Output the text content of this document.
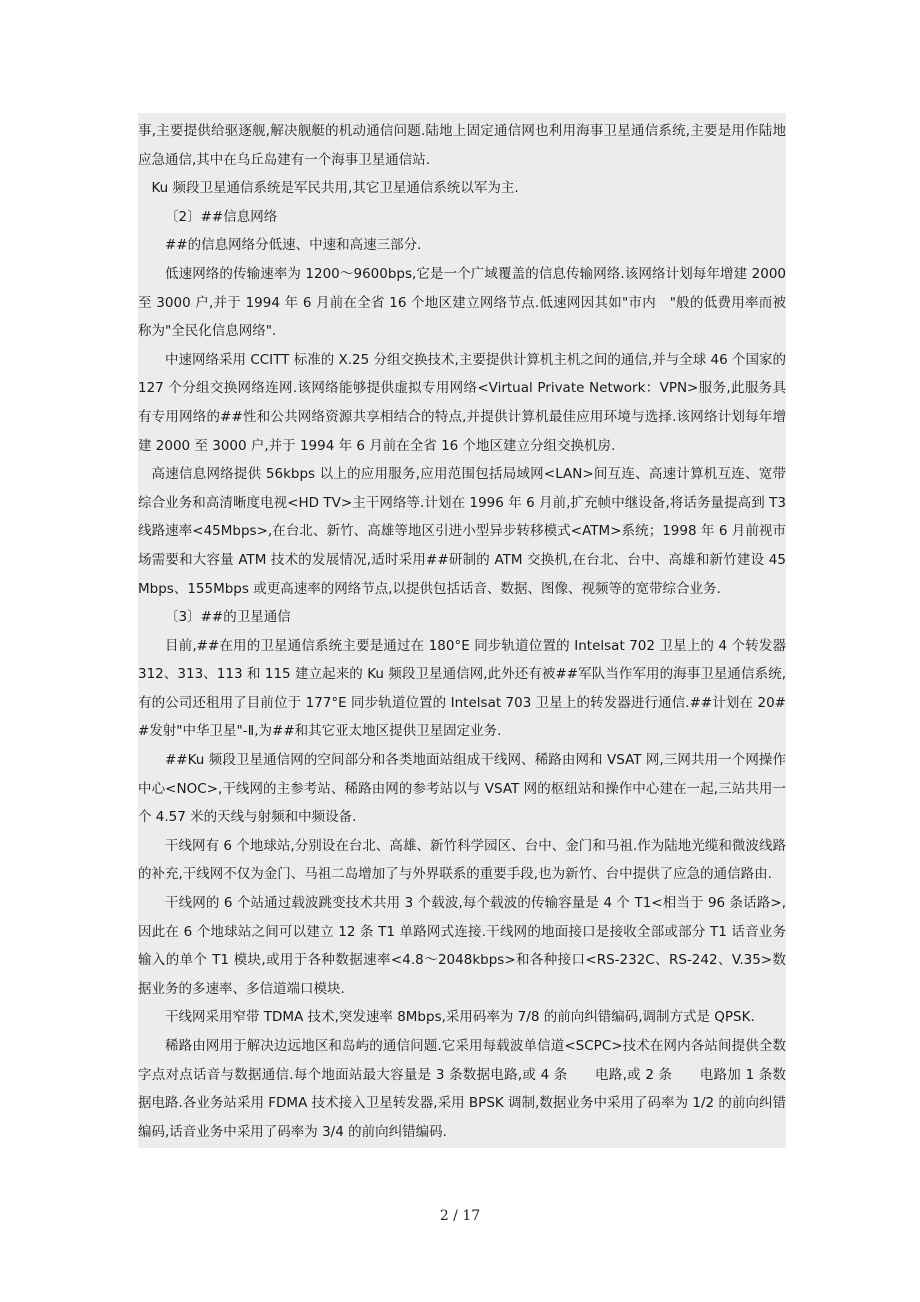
事,主要提供给驱逐舰,解决舰艇的机动通信问题.陆地上固定通信网也利用海事卫星通信系统,主要是用作陆地应急通信,其中在乌丘岛建有一个海事卫星通信站.

Ku 频段卫星通信系统是军民共用,其它卫星通信系统以军为主.

〔2〕##信息网络

##的信息网络分低速、中速和高速三部分.

低速网络的传输速率为 1200～9600bps,它是一个广域覆盖的信息传输网络.该网络计划每年增建 2000 至 3000 户,并于 1994 年 6 月前在全省 16 个地区建立网络节点.低速网因其如"市内　"般的低费用率而被称为"全民化信息网络".

中速网络采用 CCITT 标准的 X.25 分组交换技术,主要提供计算机主机之间的通信,并与全球 46 个国家的 127 个分组交换网络连网.该网络能够提供虚拟专用网络<Virtual Private Network：VPN>服务,此服务具有专用网络的##性和公共网络资源共享相结合的特点,并提供计算机最佳应用环境与选择.该网络计划每年增建 2000 至 3000 户,并于 1994 年 6 月前在全省 16 个地区建立分组交换机房.

高速信息网络提供 56kbps 以上的应用服务,应用范围包括局域网<LAN>间互连、高速计算机互连、宽带综合业务和高清晰度电视<HD TV>主干网络等.计划在 1996 年 6 月前,扩充帧中继设备,将话务量提高到 T3 线路速率<45Mbps>,在台北、新竹、高雄等地区引进小型异步转移模式<ATM>系统；1998 年 6 月前视市场需要和大容量 ATM 技术的发展情况,适时采用##研制的 ATM 交换机,在台北、台中、高雄和新竹建设 45Mbps、155Mbps 或更高速率的网络节点,以提供包括话音、数据、图像、视频等的宽带综合业务.

〔3〕##的卫星通信

目前,##在用的卫星通信系统主要是通过在 180°E 同步轨道位置的 Intelsat 702 卫星上的 4 个转发器 312、313、113 和 115 建立起来的 Ku 频段卫星通信网,此外还有被##军队当作军用的海事卫星通信系统,有的公司还租用了目前位于 177°E 同步轨道位置的 Intelsat 703 卫星上的转发器进行通信.##计划在 20##发射"中华卫星"-Ⅱ,为##和其它亚太地区提供卫星固定业务.

##Ku 频段卫星通信网的空间部分和各类地面站组成干线网、稀路由网和 VSAT 网,三网共用一个网操作中心<NOC>,干线网的主参考站、稀路由网的参考站以与 VSAT 网的枢纽站和操作中心建在一起,三站共用一个 4.57 米的天线与射频和中频设备.

干线网有 6 个地球站,分别设在台北、高雄、新竹科学园区、台中、金门和马祖.作为陆地光缆和微波线路的补充,干线网不仅为金门、马祖二岛增加了与外界联系的重要手段,也为新竹、台中提供了应急的通信路由.

干线网的 6 个站通过载波跳变技术共用 3 个载波,每个载波的传输容量是 4 个 T1<相当于 96 条话路>,因此在 6 个地球站之间可以建立 12 条 T1 单路网式连接.干线网的地面接口是接收全部或部分 T1 话音业务输入的单个 T1 模块,或用于各种数据速率<4.8～2048kbps>和各种接口<RS-232C、RS-242、V.35>数据业务的多速率、多信道端口模块.

干线网采用窄带 TDMA 技术,突发速率 8Mbps,采用码率为 7/8 的前向纠错编码,调制方式是 QPSK.

稀路由网用于解决边远地区和岛屿的通信问题.它采用每载波单信道<SCPC>技术在网内各站间提供全数字点对点话音与数据通信.每个地面站最大容量是 3 条数据电路,或 4 条　　电路,或 2 条　　电路加 1 条数据电路.各业务站采用 FDMA 技术接入卫星转发器,采用 BPSK 调制,数据业务中采用了码率为 1/2 的前向纠错编码,话音业务中采用了码率为 3/4 的前向纠错编码.

2 / 17
